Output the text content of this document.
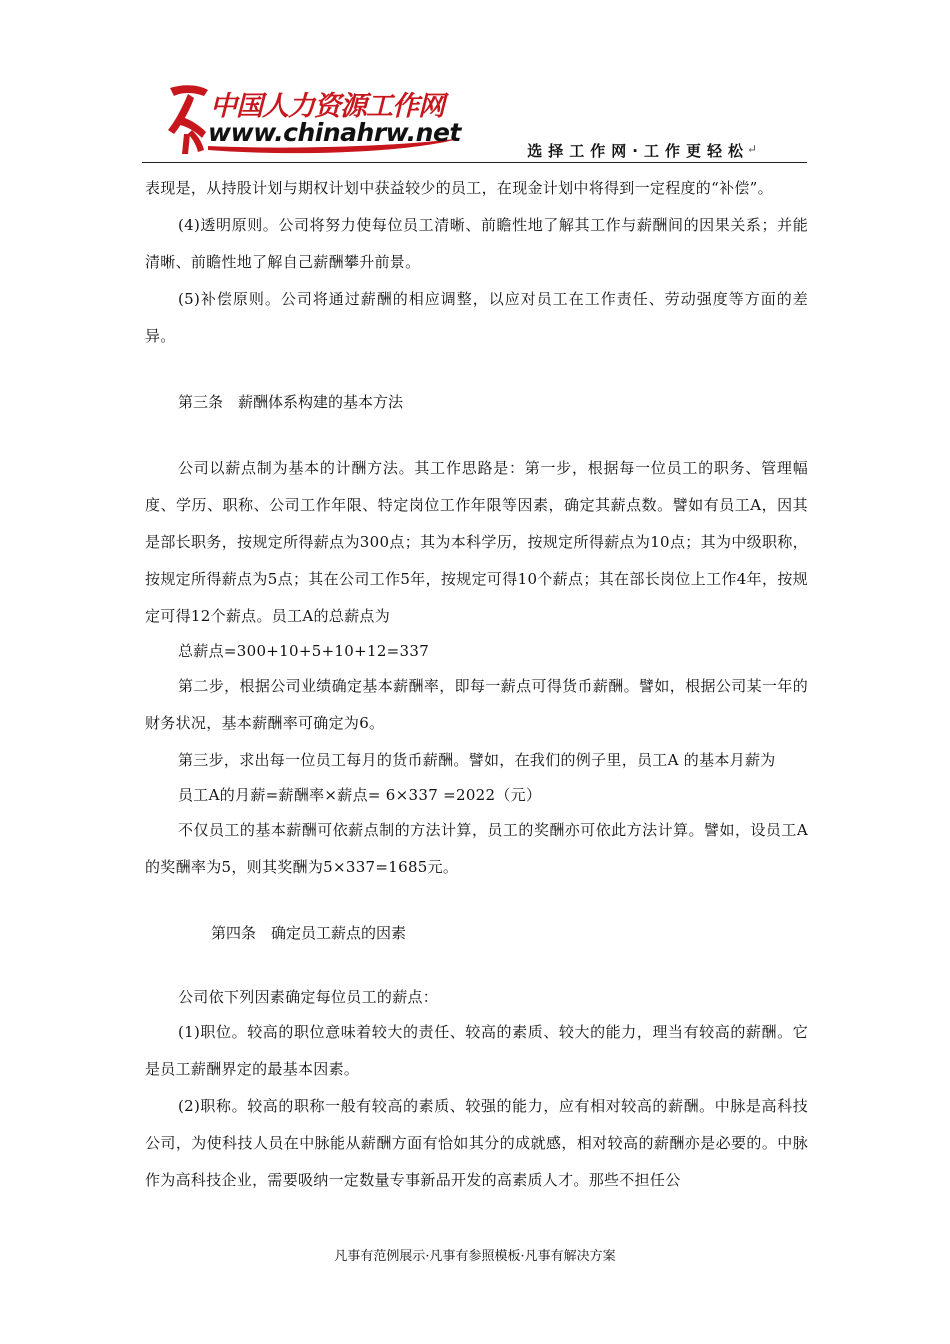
中国人力资源工作网
www.chinahrw.net
选择工作网·工作更轻松
↵

表现是，从持股计划与期权计划中获益较少的员工，在现金计划中将得到一定程度的“补偿”。

(4)透明原则。公司将努力使每位员工清晰、前瞻性地了解其工作与薪酬间的因果关系；并能清晰、前瞻性地了解自己薪酬攀升前景。

(5)补偿原则。公司将通过薪酬的相应调整，以应对员工在工作责任、劳动强度等方面的差异。

第三条　薪酬体系构建的基本方法

公司以薪点制为基本的计酬方法。其工作思路是：第一步，根据每一位员工的职务、管理幅度、学历、职称、公司工作年限、特定岗位工作年限等因素，确定其薪点数。譬如有员工A，因其是部长职务，按规定所得薪点为300点；其为本科学历，按规定所得薪点为10点；其为中级职称，按规定所得薪点为5点；其在公司工作5年，按规定可得10个薪点；其在部长岗位上工作4年，按规定可得12个薪点。员工A的总薪点为

总薪点=300+10+5+10+12=337

第二步，根据公司业绩确定基本薪酬率，即每一薪点可得货币薪酬。譬如，根据公司某一年的财务状况，基本薪酬率可确定为6。

第三步，求出每一位员工每月的货币薪酬。譬如，在我们的例子里，员工A 的基本月薪为

员工A的月薪=薪酬率×薪点= 6×337 =2022（元）

不仅员工的基本薪酬可依薪点制的方法计算，员工的奖酬亦可依此方法计算。譬如，设员工A的奖酬率为5，则其奖酬为5×337=1685元。

第四条　确定员工薪点的因素

公司依下列因素确定每位员工的薪点：

(1)职位。较高的职位意味着较大的责任、较高的素质、较大的能力，理当有较高的薪酬。它是员工薪酬界定的最基本因素。

(2)职称。较高的职称一般有较高的素质、较强的能力，应有相对较高的薪酬。中脉是高科技公司，为使科技人员在中脉能从薪酬方面有恰如其分的成就感，相对较高的薪酬亦是必要的。中脉作为高科技企业，需要吸纳一定数量专事新品开发的高素质人才。那些不担任公

凡事有范例展示·凡事有参照模板·凡事有解决方案
